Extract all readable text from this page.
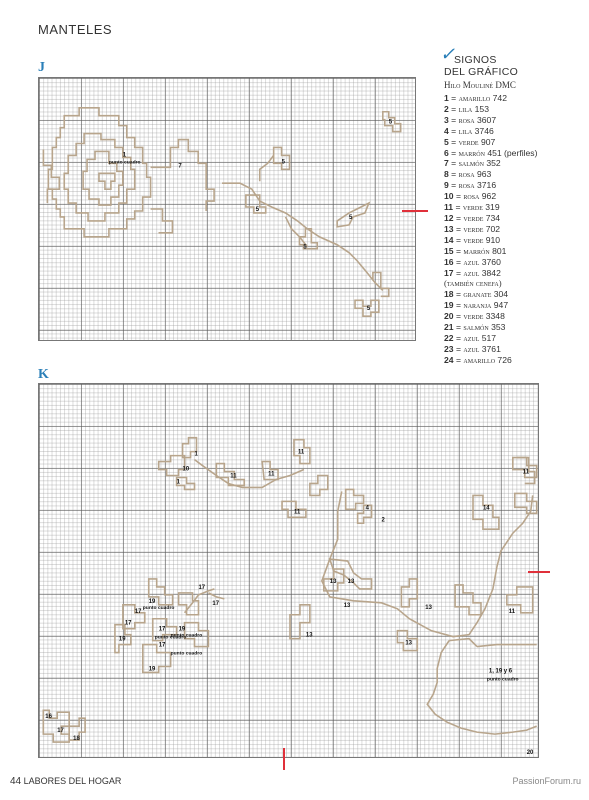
MANTELES
J
1
punto cuadro
7
5
5
5
5
5
5
✓
SIGNOS
DEL GRÁFICO
Hilo Mouliné DMC
1 = amarillo 742
2 = lila 153
3 = rosa 3607
4 = lila 3746
5 = verde 907
6 = marrón 451 (perfiles)
7 = salmón 352
8 = rosa 963
9 = rosa 3716
10 = rosa 962
11 = verde 319
12 = verde 734
13 = verde 702
14 = verde 910
15 = marrón 801
16 = azul 3760
17 = azul 3842
(también cenefa)
18 = granate 304
19 = naranja 947
20 = verde 3348
21 = salmón 353
22 = azul 517
23 = azul 3761
24 = amarillo 726
K
10
1
1
11	11
11
11
4
2
14
11
13 13
13
13
13
13
11
17
17
17
17
17
17
19
19
19
19
punto cuadro
punto cuadro
punto cuadro
punto cuadro
1, 19 y 6
punto cuadro
16
17
18
20
44 LABORES DEL HOGAR	PassionForum.ru
